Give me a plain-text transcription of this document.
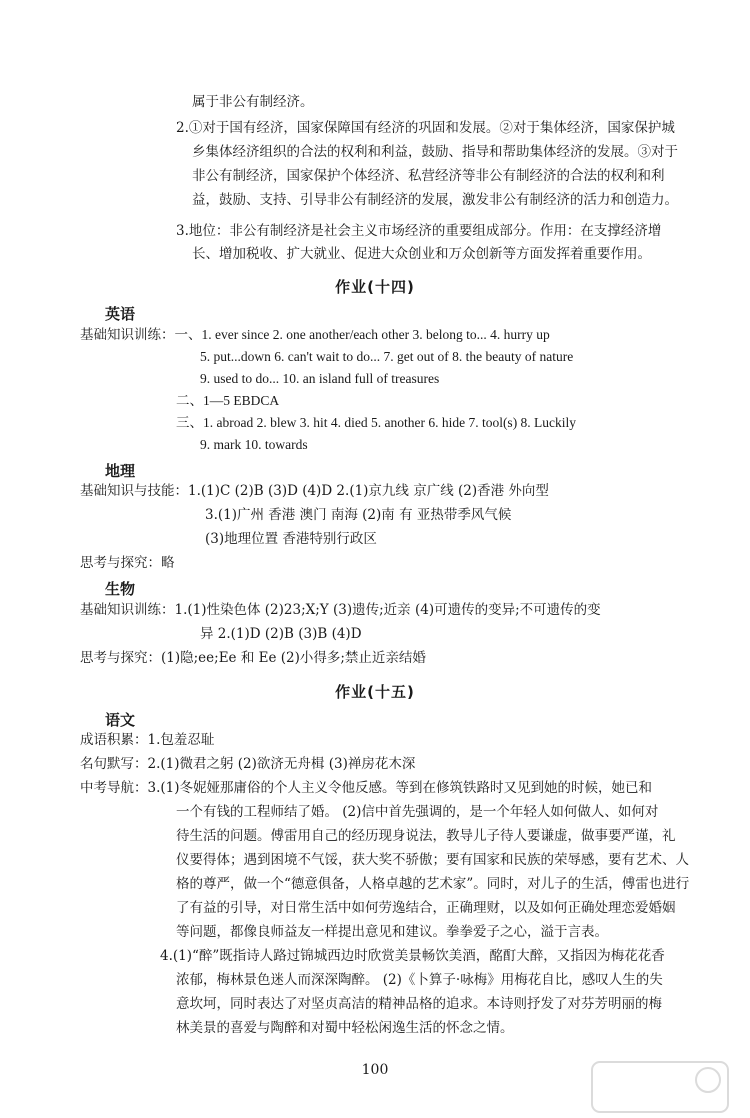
属于非公有制经济。
2.①对于国有经济，国家保障国有经济的巩固和发展。②对于集体经济，国家保护城
乡集体经济组织的合法的权利和利益，鼓励、指导和帮助集体经济的发展。③对于
非公有制经济，国家保护个体经济、私营经济等非公有制经济的合法的权利和利
益，鼓励、支持、引导非公有制经济的发展，激发非公有制经济的活力和创造力。
3.地位：非公有制经济是社会主义市场经济的重要组成部分。作用：在支撑经济增
长、增加税收、扩大就业、促进大众创业和万众创新等方面发挥着重要作用。
作业(十四)
英语
基础知识训练：一、1. ever since 2. one another/each other 3. belong to... 4. hurry up
5. put...down 6. can't wait to do... 7. get out of 8. the beauty of nature
9. used to do... 10. an island full of treasures
二、1—5 EBDCA
三、1. abroad 2. blew 3. hit 4. died 5. another 6. hide 7. tool(s) 8. Luckily
9. mark 10. towards
地理
基础知识与技能：1.(1)C (2)B (3)D (4)D 2.(1)京九线 京广线 (2)香港 外向型
3.(1)广州 香港 澳门 南海 (2)南 有 亚热带季风气候
(3)地理位置 香港特别行政区
思考与探究：略
生物
基础知识训练：1.(1)性染色体 (2)23;X;Y (3)遗传;近亲 (4)可遗传的变异;不可遗传的变
异 2.(1)D (2)B (3)B (4)D
思考与探究：(1)隐;ee;Ee 和 Ee (2)小得多;禁止近亲结婚
作业(十五)
语文
成语积累：1.包羞忍耻
名句默写：2.(1)微君之躬 (2)欲济无舟楫 (3)禅房花木深
中考导航：3.(1)冬妮娅那庸俗的个人主义令他反感。等到在修筑铁路时又见到她的时候，她已和
一个有钱的工程师结了婚。 (2)信中首先强调的，是一个年轻人如何做人、如何对
待生活的问题。傅雷用自己的经历现身说法，教导儿子待人要谦虚，做事要严谨，礼
仪要得体；遇到困境不气馁，获大奖不骄傲；要有国家和民族的荣辱感，要有艺术、人
格的尊严，做一个“德意俱备，人格卓越的艺术家”。同时，对儿子的生活，傅雷也进行
了有益的引导，对日常生活中如何劳逸结合，正确理财，以及如何正确处理恋爱婚姻
等问题，都像良师益友一样提出意见和建议。拳拳爱子之心，溢于言表。
4.(1)“醉”既指诗人路过锦城西边时欣赏美景畅饮美酒，酩酊大醉，又指因为梅花花香
浓郁，梅林景色迷人而深深陶醉。 (2)《卜算子·咏梅》用梅花自比，感叹人生的失
意坎坷，同时表达了对坚贞高洁的精神品格的追求。本诗则抒发了对芬芳明丽的梅
林美景的喜爱与陶醉和对蜀中轻松闲逸生活的怀念之情。
100
